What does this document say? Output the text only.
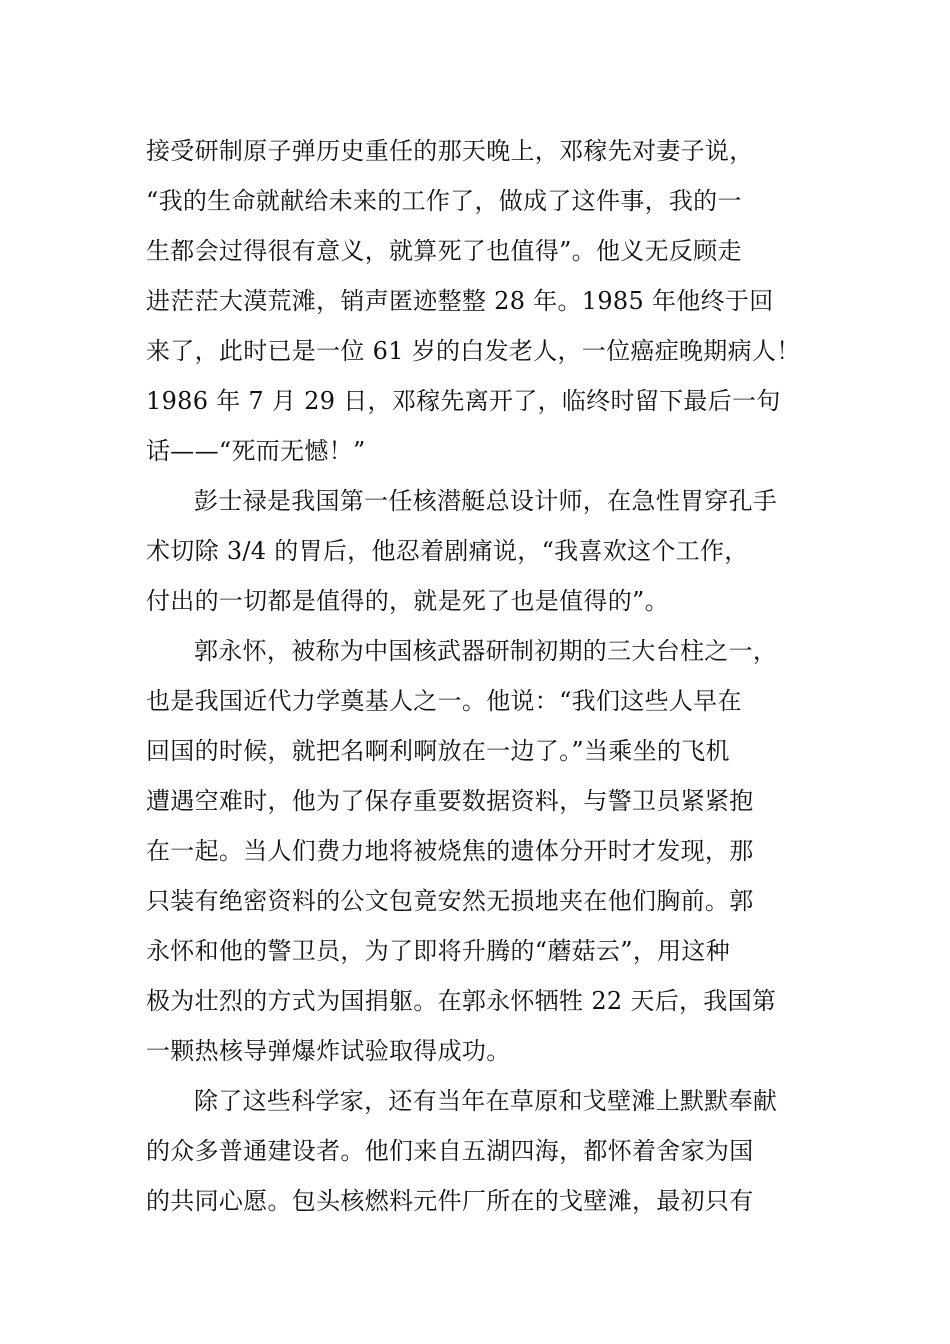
接受研制原子弹历史重任的那天晚上，邓稼先对妻子说，
“我的生命就献给未来的工作了，做成了这件事，我的一
生都会过得很有意义，就算死了也值得”。他义无反顾走
进茫茫大漠荒滩，销声匿迹整整 28 年。1985 年他终于回
来了，此时已是一位 61 岁的白发老人，一位癌症晚期病人！
1986 年 7 月 29 日，邓稼先离开了，临终时留下最后一句
话——“死而无憾！”
彭士禄是我国第一任核潜艇总设计师，在急性胃穿孔手
术切除 3/4 的胃后，他忍着剧痛说，“我喜欢这个工作，
付出的一切都是值得的，就是死了也是值得的”。
郭永怀，被称为中国核武器研制初期的三大台柱之一，
也是我国近代力学奠基人之一。他说：“我们这些人早在
回国的时候，就把名啊利啊放在一边了。”当乘坐的飞机
遭遇空难时，他为了保存重要数据资料，与警卫员紧紧抱
在一起。当人们费力地将被烧焦的遗体分开时才发现，那
只装有绝密资料的公文包竟安然无损地夹在他们胸前。郭
永怀和他的警卫员，为了即将升腾的“蘑菇云”，用这种
极为壮烈的方式为国捐躯。在郭永怀牺牲 22 天后，我国第
一颗热核导弹爆炸试验取得成功。
除了这些科学家，还有当年在草原和戈壁滩上默默奉献
的众多普通建设者。他们来自五湖四海，都怀着舍家为国
的共同心愿。包头核燃料元件厂所在的戈壁滩，最初只有
